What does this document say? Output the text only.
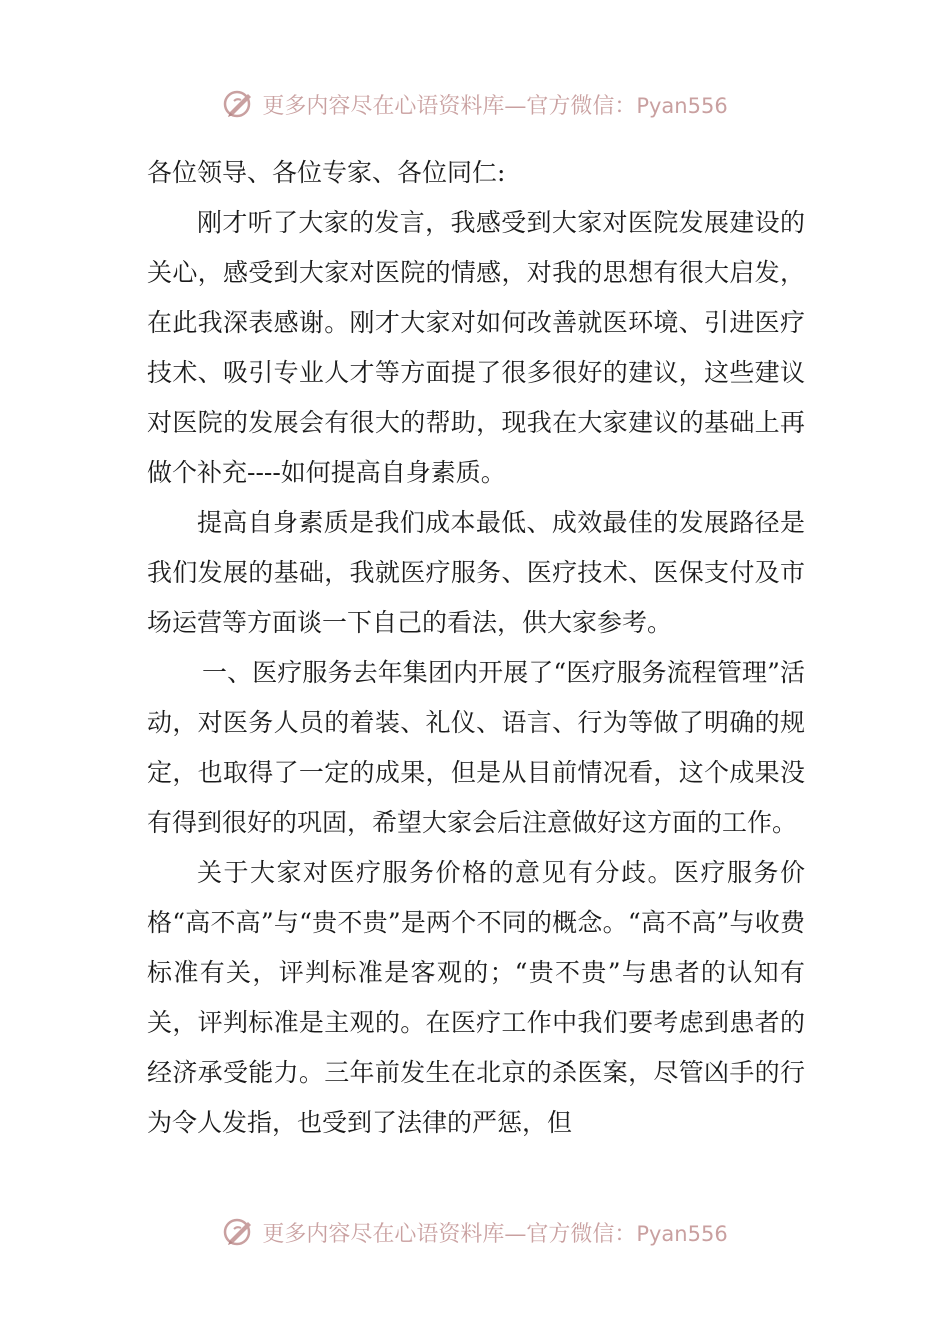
更多内容尽在心语资料库—官方微信：Pyan556

各位领导、各位专家、各位同仁:

刚才听了大家的发言，我感受到大家对医院发展建设的关心，感受到大家对医院的情感，对我的思想有很大启发，在此我深表感谢。刚才大家对如何改善就医环境、引进医疗技术、吸引专业人才等方面提了很多很好的建议，这些建议对医院的发展会有很大的帮助，现我在大家建议的基础上再做个补充----如何提高自身素质。

提高自身素质是我们成本最低、成效最佳的发展路径是我们发展的基础，我就医疗服务、医疗技术、医保支付及市场运营等方面谈一下自己的看法，供大家参考。

一、医疗服务去年集团内开展了“医疗服务流程管理”活动，对医务人员的着装、礼仪、语言、行为等做了明确的规定，也取得了一定的成果，但是从目前情况看，这个成果没有得到很好的巩固，希望大家会后注意做好这方面的工作。

关于大家对医疗服务价格的意见有分歧。医疗服务价格“高不高”与“贵不贵”是两个不同的概念。“高不高”与收费标准有关，评判标准是客观的；“贵不贵”与患者的认知有关，评判标准是主观的。在医疗工作中我们要考虑到患者的经济承受能力。三年前发生在北京的杀医案，尽管凶手的行为令人发指，也受到了法律的严惩，但

更多内容尽在心语资料库—官方微信：Pyan556
